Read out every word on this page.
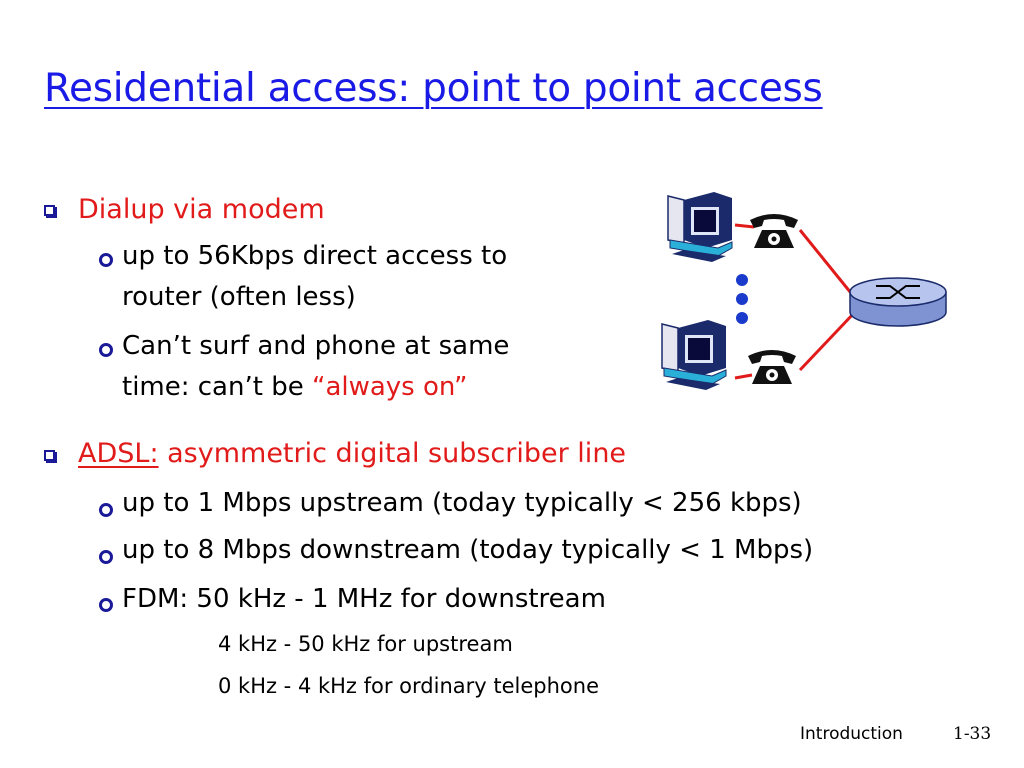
Residential access: point to point access
Dialup via modem
up to 56Kbps direct access to
router (often less)
Can’t surf and phone at same
time: can’t be “always on”
ADSL: asymmetric digital subscriber line
up to 1 Mbps upstream (today typically < 256 kbps)
up to 8 Mbps downstream (today typically < 1 Mbps)
FDM: 50 kHz - 1 MHz for downstream
4 kHz - 50 kHz for upstream
0 kHz - 4 kHz for ordinary telephone
Introduction	1-33
